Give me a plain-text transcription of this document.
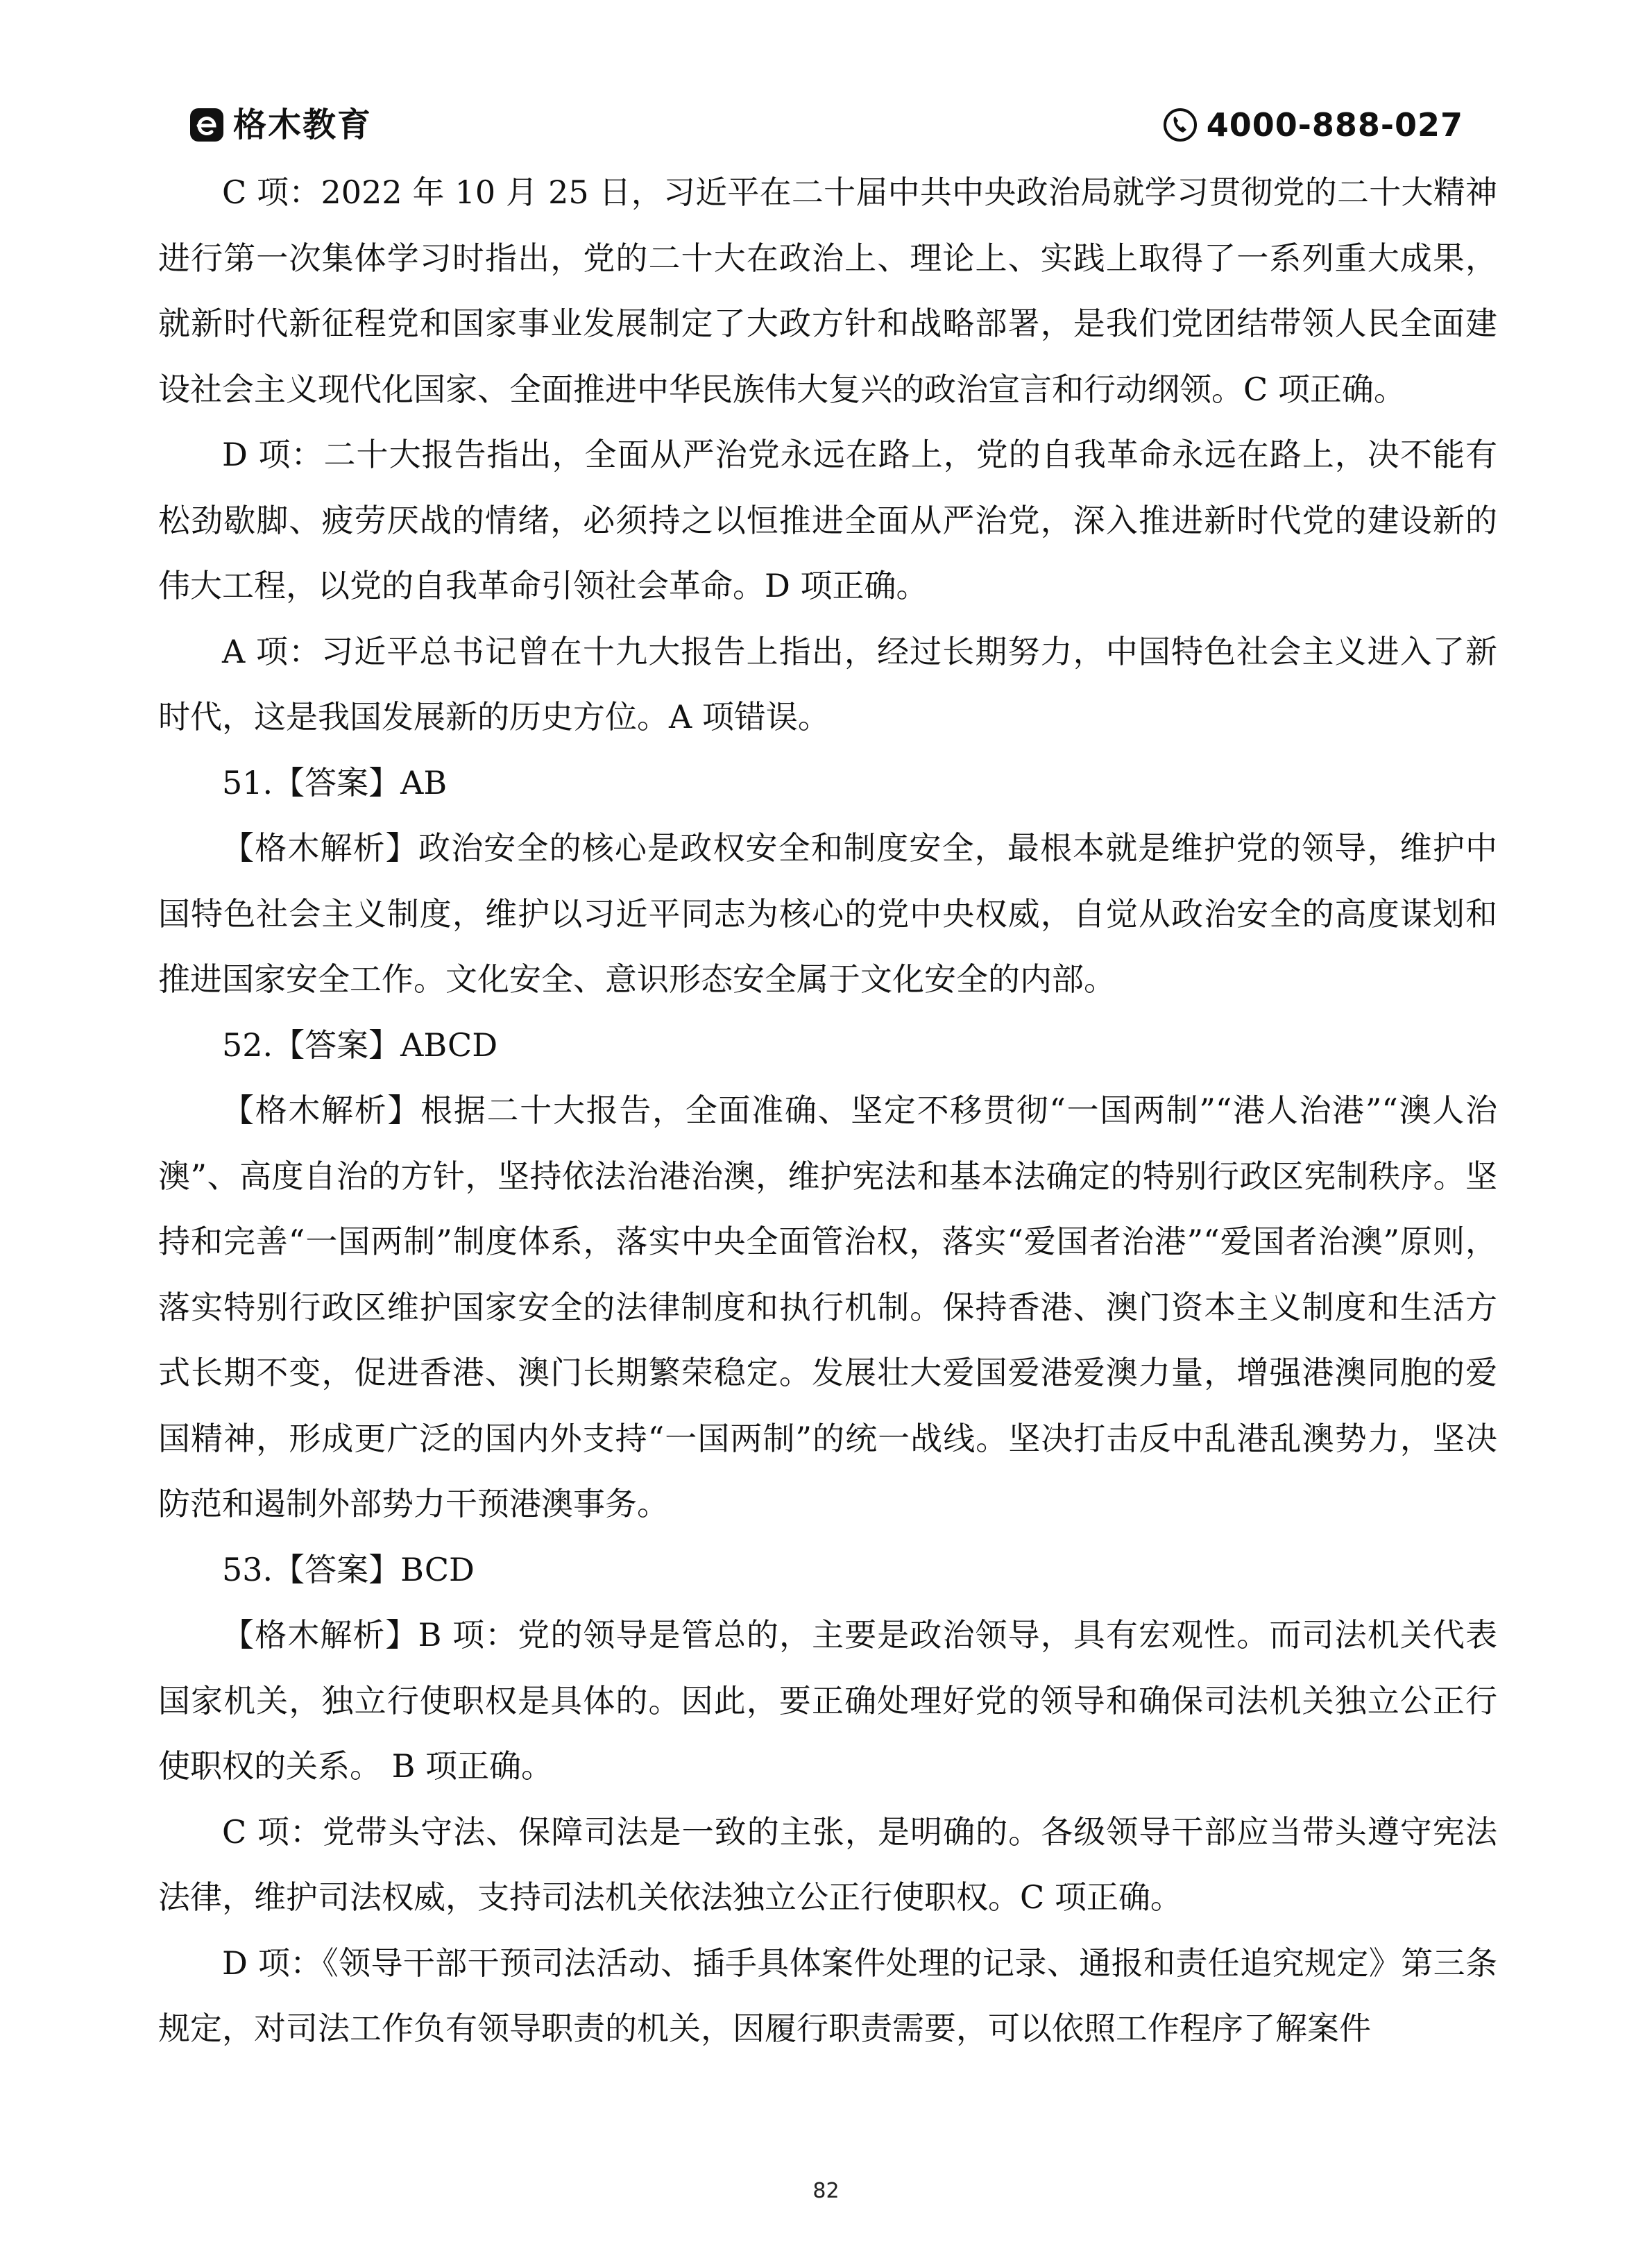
格木教育	4000-888-027

C 项：2022 年 10 月 25 日，习近平在二十届中共中央政治局就学习贯彻党的二十大精神进行第一次集体学习时指出，党的二十大在政治上、理论上、实践上取得了一系列重大成果，就新时代新征程党和国家事业发展制定了大政方针和战略部署，是我们党团结带领人民全面建设社会主义现代化国家、全面推进中华民族伟大复兴的政治宣言和行动纲领。C 项正确。

D 项：二十大报告指出，全面从严治党永远在路上，党的自我革命永远在路上，决不能有松劲歇脚、疲劳厌战的情绪，必须持之以恒推进全面从严治党，深入推进新时代党的建设新的伟大工程，以党的自我革命引领社会革命。D 项正确。

A 项：习近平总书记曾在十九大报告上指出，经过长期努力，中国特色社会主义进入了新时代，这是我国发展新的历史方位。A 项错误。

51.【答案】AB

【格木解析】政治安全的核心是政权安全和制度安全，最根本就是维护党的领导，维护中国特色社会主义制度，维护以习近平同志为核心的党中央权威，自觉从政治安全的高度谋划和推进国家安全工作。文化安全、意识形态安全属于文化安全的内部。

52.【答案】ABCD

【格木解析】根据二十大报告，全面准确、坚定不移贯彻“一国两制”“港人治港”“澳人治澳”、高度自治的方针，坚持依法治港治澳，维护宪法和基本法确定的特别行政区宪制秩序。坚持和完善“一国两制”制度体系，落实中央全面管治权，落实“爱国者治港”“爱国者治澳”原则，落实特别行政区维护国家安全的法律制度和执行机制。保持香港、澳门资本主义制度和生活方式长期不变，促进香港、澳门长期繁荣稳定。发展壮大爱国爱港爱澳力量，增强港澳同胞的爱国精神，形成更广泛的国内外支持“一国两制”的统一战线。坚决打击反中乱港乱澳势力，坚决防范和遏制外部势力干预港澳事务。

53.【答案】BCD

【格木解析】B 项：党的领导是管总的，主要是政治领导，具有宏观性。而司法机关代表国家机关，独立行使职权是具体的。因此，要正确处理好党的领导和确保司法机关独立公正行使职权的关系。 B 项正确。

C 项：党带头守法、保障司法是一致的主张，是明确的。各级领导干部应当带头遵守宪法法律，维护司法权威，支持司法机关依法独立公正行使职权。C 项正确。

D 项：《领导干部干预司法活动、插手具体案件处理的记录、通报和责任追究规定》第三条规定，对司法工作负有领导职责的机关，因履行职责需要，可以依照工作程序了解案件

82
